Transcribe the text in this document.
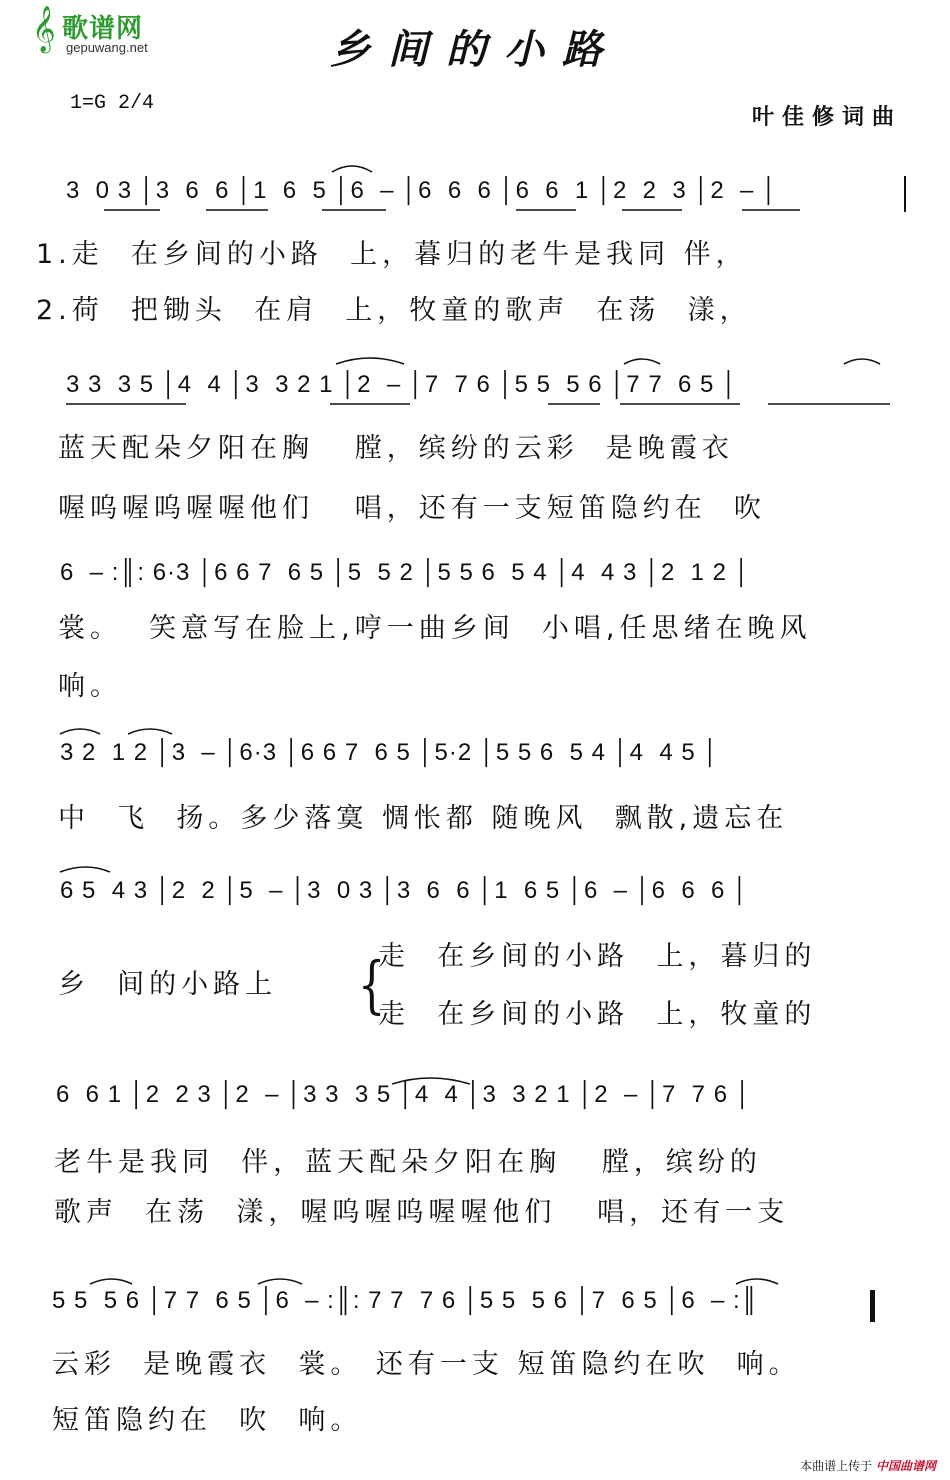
𝄞 歌谱网
gepuwang.net	乡间的小路
1=G 2/4
叶佳修词曲
3  0 3 │3  6  6 │1  6  5 │6  – │6  6  6 │6  6  1 │2  2  3 │2  – │
1.走  在乡间的小路  上，暮归的老牛是我同 伴，
2.荷  把锄头  在肩  上，牧童的歌声  在荡  漾，
3 3  3 5 │4  4 │3  3 2 1 │2  – │7  7 6 │5 5  5 6 │7 7  6 5 │
蓝天配朵夕阳在胸   膛，缤纷的云彩  是晚霞衣
喔呜喔呜喔喔他们   唱，还有一支短笛隐约在  吹
6  – :║: 6·3 │6 6 7  6 5 │5  5 2 │5 5 6  5 4 │4  4 3 │2  1 2 │
裳。  笑意写在脸上,哼一曲乡间  小唱,任思绪在晚风
响。
3 2  1 2 │3  – │6·3 │6 6 7  6 5 │5·2 │5 5 6  5 4 │4  4 5 │
中  飞  扬。多少落寞 惆怅都 随晚风  飘散,遗忘在
6 5  4 3 │2  2 │5  – │3  0 3 │3  6  6 │1  6 5 │6  – │6  6  6 │
乡  间的小路上 {
走  在乡间的小路  上，暮归的
走  在乡间的小路  上，牧童的
6  6 1 │2  2 3 │2  – │3 3  3 5 │4  4 │3  3 2 1 │2  – │7  7 6 │
老牛是我同  伴，蓝天配朵夕阳在胸   膛，缤纷的
歌声  在荡  漾，喔呜喔呜喔喔他们   唱，还有一支
5 5  5 6 │7 7  6 5 │6  – :║: 7 7  7 6 │5 5  5 6 │7  6 5 │6  – :║
云彩  是晚霞衣  裳。 还有一支 短笛隐约在吹  响。
短笛隐约在  吹  响。
本曲谱上传于 中国曲谱网
